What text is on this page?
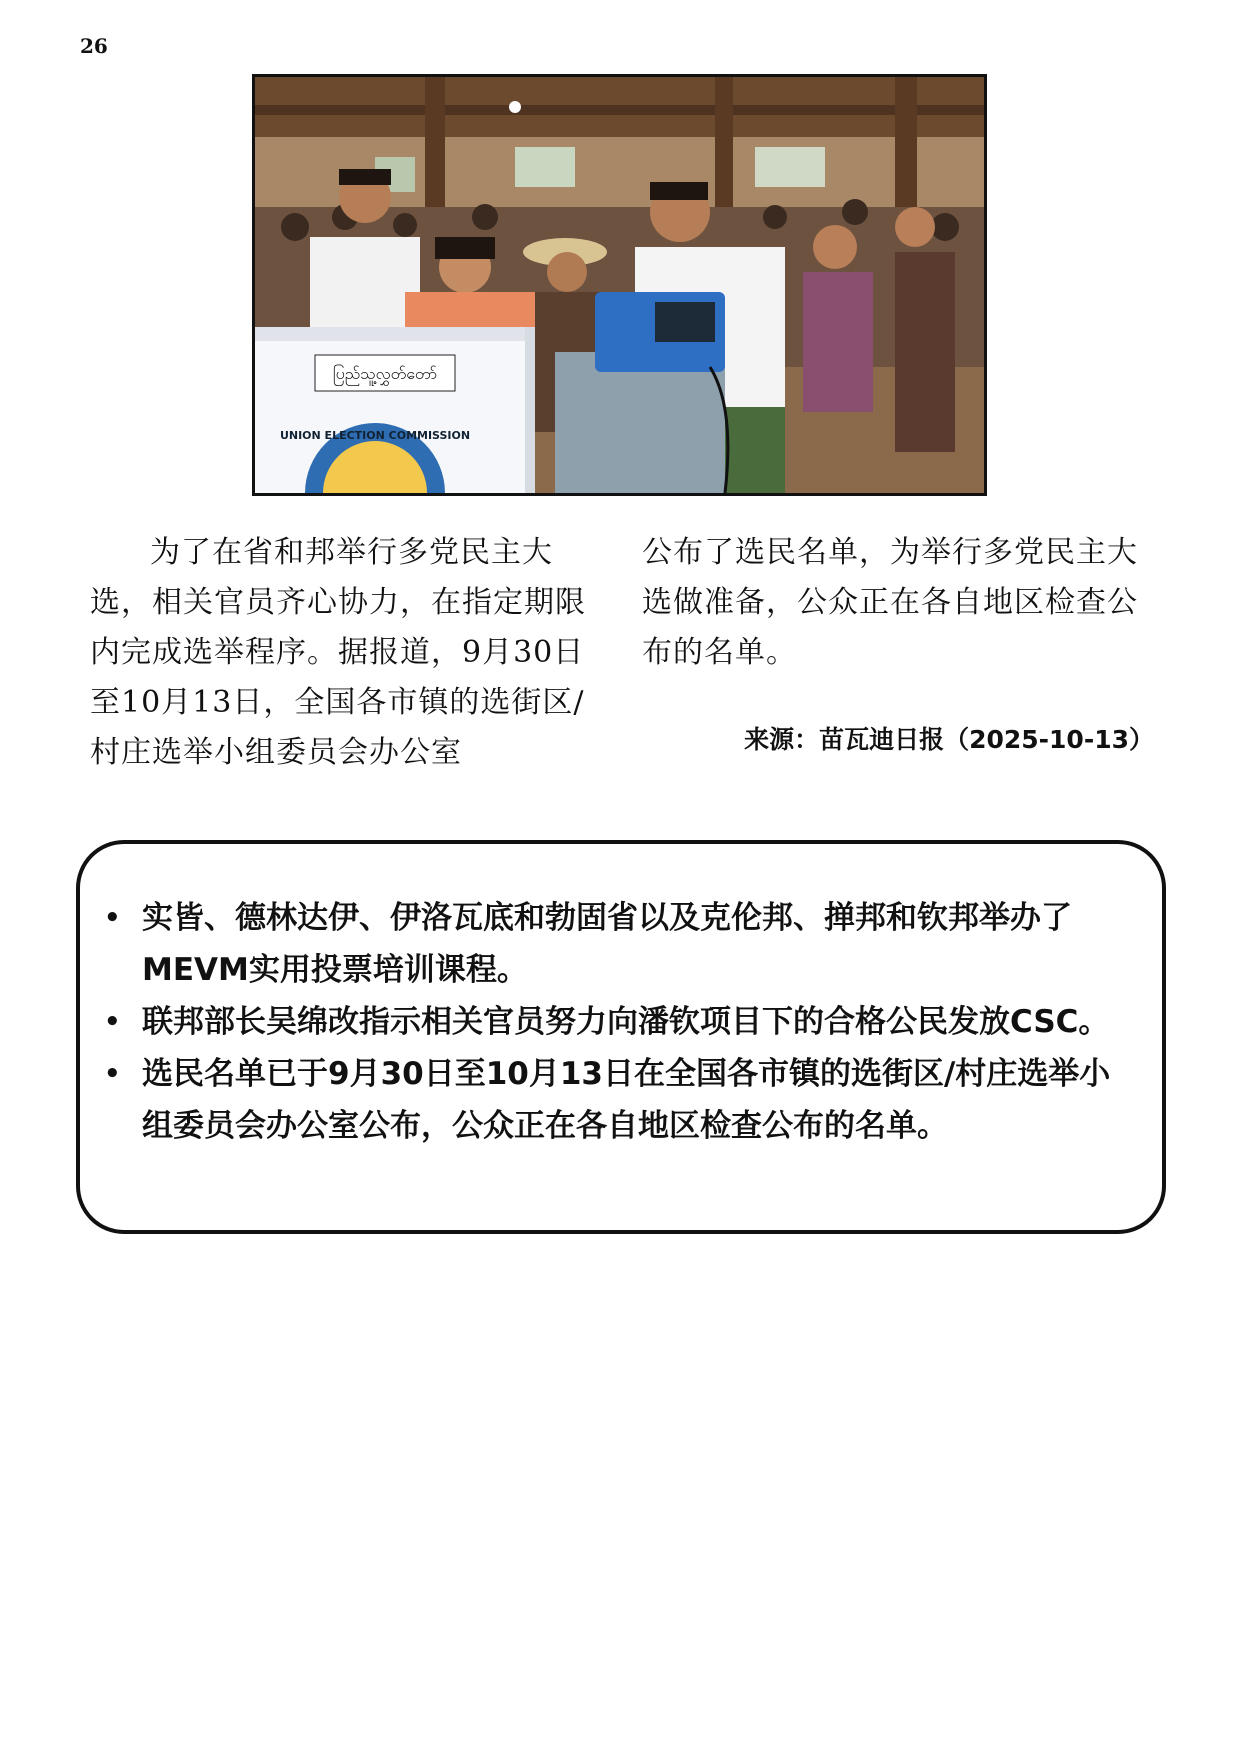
26
ပြည်သူ့လွှတ်တော်
UNION ELECTION COMMISSION
为了在省和邦举行多党民主大选，相关官员齐心协力，在指定期限内完成选举程序。据报道，9月30日至10月13日，全国各市镇的选街区/村庄选举小组委员会办公室
公布了选民名单，为举行多党民主大选做准备，公众正在各自地区检查公布的名单。
来源：苗瓦迪日报（2025-10-13）
• 实皆、德林达伊、伊洛瓦底和勃固省以及克伦邦、掸邦和钦邦举办了MEVM实用投票培训课程。
• 联邦部长吴绵改指示相关官员努力向潘钦项目下的合格公民发放CSC。
• 选民名单已于9月30日至10月13日在全国各市镇的选街区/村庄选举小组委员会办公室公布，公众正在各自地区检查公布的名单。
